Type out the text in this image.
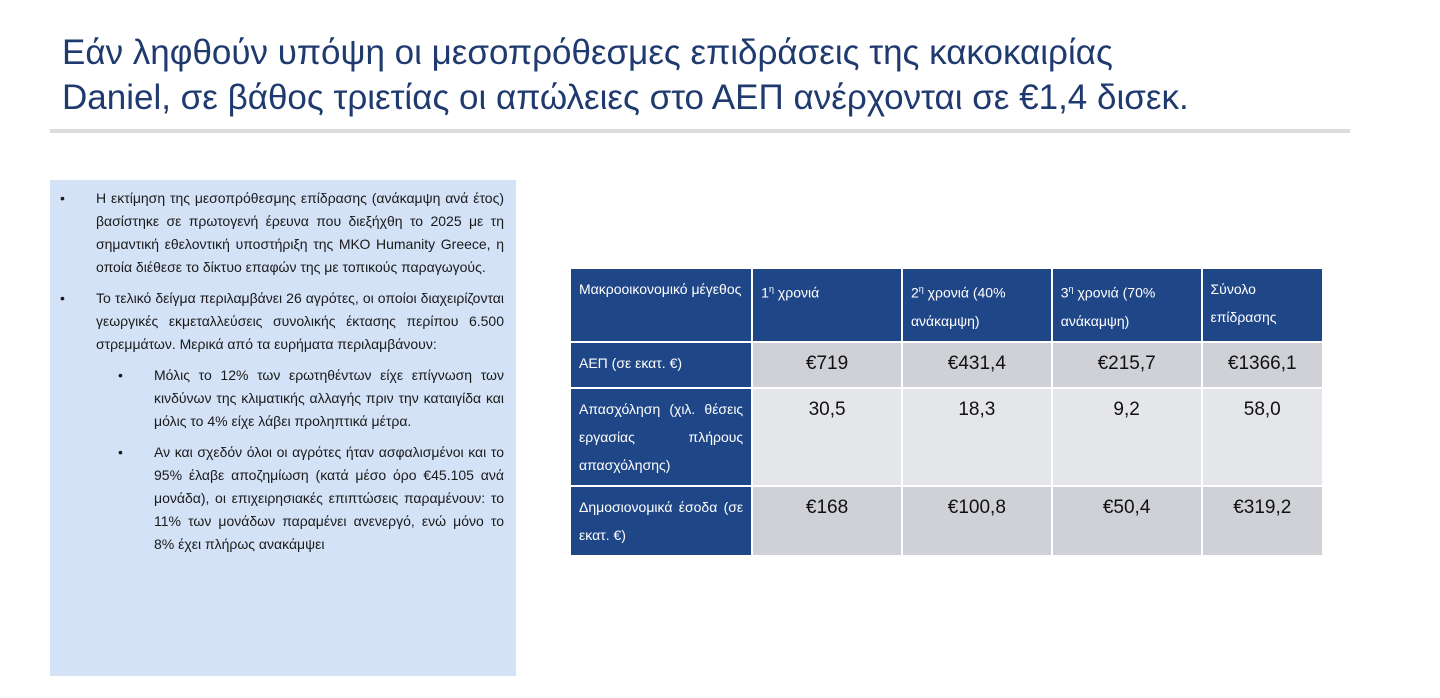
Εάν ληφθούν υπόψη οι μεσοπρόθεσμες επιδράσεις της κακοκαιρίας
Daniel, σε βάθος τριετίας οι απώλειες στο ΑΕΠ ανέρχονται σε €1,4 δισεκ.
•	Η εκτίμηση της μεσοπρόθεσμης επίδρασης (ανάκαμψη ανά έτος) βασίστηκε σε πρωτογενή έρευνα που διεξήχθη το 2025 με τη σημαντική εθελοντική υποστήριξη της ΜΚΟ Humanity Greece, η οποία διέθεσε το δίκτυο επαφών της με τοπικούς παραγωγούς.
•	Το τελικό δείγμα περιλαμβάνει 26 αγρότες, οι οποίοι διαχειρίζονται γεωργικές εκμεταλλεύσεις συνολικής έκτασης περίπου 6.500 στρεμμάτων. Μερικά από τα ευρήματα περιλαμβάνουν:
•	Μόλις το 12% των ερωτηθέντων είχε επίγνωση των κινδύνων της κλιματικής αλλαγής πριν την καταιγίδα και μόλις το 4% είχε λάβει προληπτικά μέτρα.
•	Αν και σχεδόν όλοι οι αγρότες ήταν ασφαλισμένοι και το 95% έλαβε αποζημίωση (κατά μέσο όρο €45.105 ανά μονάδα), οι επιχειρησιακές επιπτώσεις παραμένουν: το 11% των μονάδων παραμένει ανενεργό, ενώ μόνο το 8% έχει πλήρως ανακάμψει
Μακροοικονομικό μέγεθος	$1^\eta$ χρονιά	$2^\eta$ χρονιά (40% ανάκαμψη)	$3^\eta$ χρονιά (70% ανάκαμψη)	Σύνολο επίδρασης
ΑΕΠ (σε εκατ. €)	€719	€431,4	€215,7	€1366,1
Απασχόληση (χιλ. θέσεις εργασίας πλήρους απασχόλησης)	30,5	18,3	9,2	58,0
Δημοσιονομικά έσοδα (σε εκατ. €)	€168	€100,8	€50,4	€319,2
